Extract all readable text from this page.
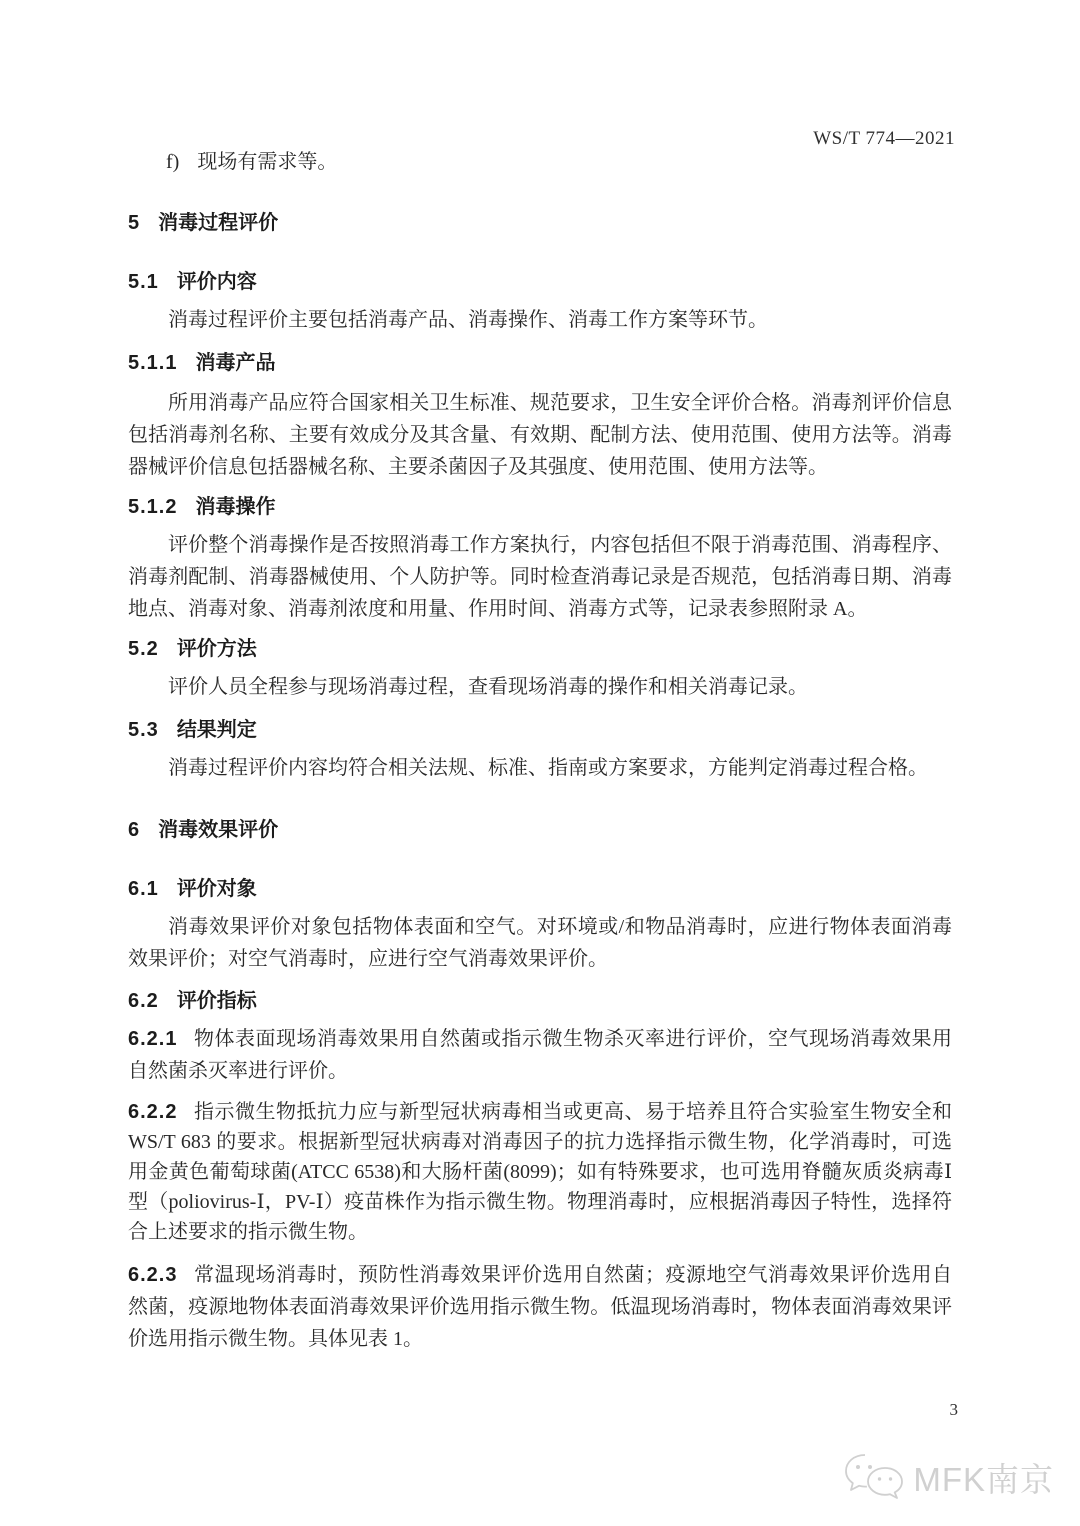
WS/T 774—2021
f) 现场有需求等。
5 消毒过程评价
5.1 评价内容

消毒过程评价主要包括消毒产品、消毒操作、消毒工作方案等环节。

5.1.1 消毒产品

所用消毒产品应符合国家相关卫生标准、规范要求，卫生安全评价合格。消毒剂评价信息包括消毒剂名称、主要有效成分及其含量、有效期、配制方法、使用范围、使用方法等。消毒器械评价信息包括器械名称、主要杀菌因子及其强度、使用范围、使用方法等。

5.1.2 消毒操作

评价整个消毒操作是否按照消毒工作方案执行，内容包括但不限于消毒范围、消毒程序、消毒剂配制、消毒器械使用、个人防护等。同时检查消毒记录是否规范，包括消毒日期、消毒地点、消毒对象、消毒剂浓度和用量、作用时间、消毒方式等，记录表参照附录 A。

5.2 评价方法

评价人员全程参与现场消毒过程，查看现场消毒的操作和相关消毒记录。

5.3 结果判定

消毒过程评价内容均符合相关法规、标准、指南或方案要求，方能判定消毒过程合格。

6 消毒效果评价
6.1 评价对象

消毒效果评价对象包括物体表面和空气。对环境或/和物品消毒时，应进行物体表面消毒效果评价；对空气消毒时，应进行空气消毒效果评价。

6.2 评价指标

6.2.1 物体表面现场消毒效果用自然菌或指示微生物杀灭率进行评价，空气现场消毒效果用自然菌杀灭率进行评价。

6.2.2 指示微生物抵抗力应与新型冠状病毒相当或更高、易于培养且符合实验室生物安全和 WS/T 683 的要求。根据新型冠状病毒对消毒因子的抗力选择指示微生物，化学消毒时，可选用金黄色葡萄球菌(ATCC 6538)和大肠杆菌(8099)；如有特殊要求，也可选用脊髓灰质炎病毒Ⅰ型（poliovirus-Ⅰ，PV-Ⅰ）疫苗株作为指示微生物。物理消毒时，应根据消毒因子特性，选择符合上述要求的指示微生物。

6.2.3 常温现场消毒时，预防性消毒效果评价选用自然菌；疫源地空气消毒效果评价选用自然菌，疫源地物体表面消毒效果评价选用指示微生物。低温现场消毒时，物体表面消毒效果评价选用指示微生物。具体见表 1。

3
MFK南京
